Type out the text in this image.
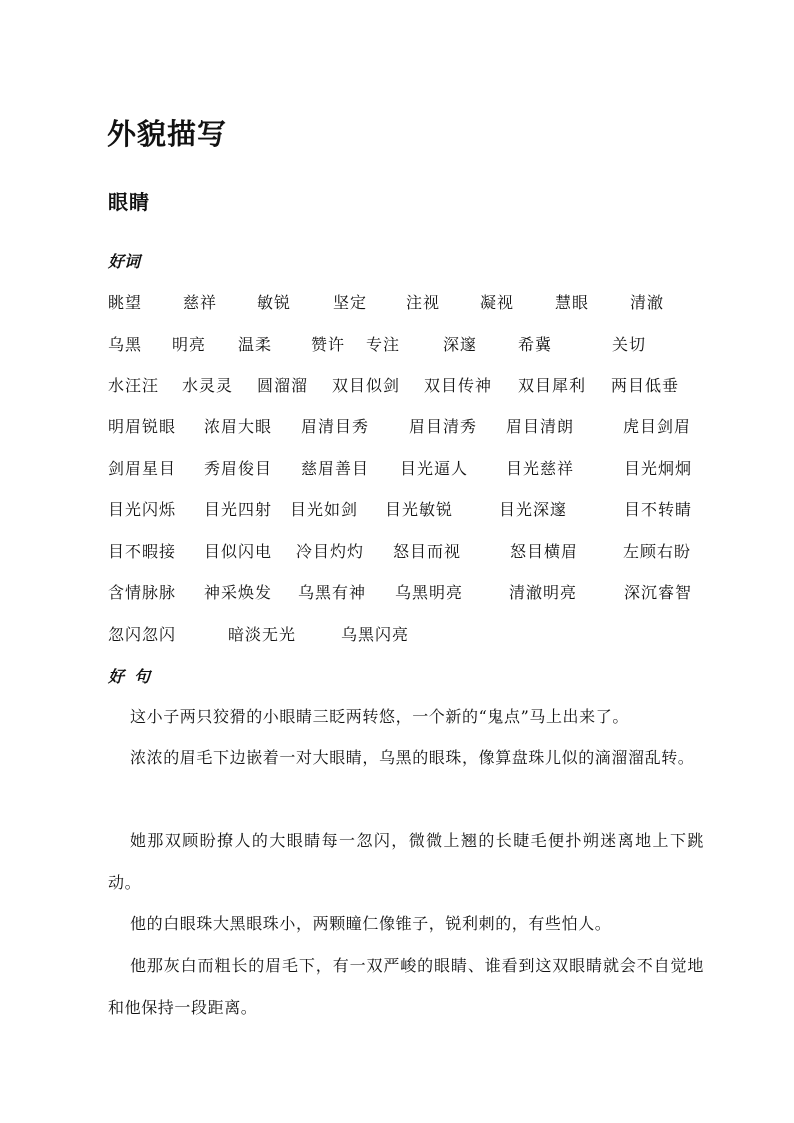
外貌描写
眼睛
好词
眺望	慈祥 敏锐	坚定 注视 凝视	慧眼	清澈
乌黑 明亮 温柔 赞许 专注	深邃	希冀	关切
水汪汪 水灵灵 圆溜溜 双目似剑 双目传神 双目犀利 两目低垂
明眉锐眼 浓眉大眼 眉清目秀 眉目清秀 眉目清朗	虎目剑眉
剑眉星目 秀眉俊目 慈眉善目 目光逼人 目光慈祥	目光炯炯
目光闪烁 目光四射 目光如剑 目光敏锐	目光深邃	目不转睛
目不暇接 目似闪电 冷目灼灼 怒目而视	怒目横眉	左顾右盼
含情脉脉 神采焕发 乌黑有神 乌黑明亮	清澈明亮	深沉睿智
忽闪忽闪	暗淡无光	乌黑闪亮
好句

这小子两只狡猾的小眼睛三眨两转悠，一个新的“鬼点”马上出来了。

浓浓的眉毛下边嵌着一对大眼睛，乌黑的眼珠，像算盘珠儿似的滴溜溜乱转。

她那双顾盼撩人的大眼睛每一忽闪，微微上翘的长睫毛便扑朔迷离地上下跳动。

他的白眼珠大黑眼珠小，两颗瞳仁像锥子，锐利刺的，有些怕人。

他那灰白而粗长的眉毛下，有一双严峻的眼睛、谁看到这双眼睛就会不自觉地和他保持一段距离。
